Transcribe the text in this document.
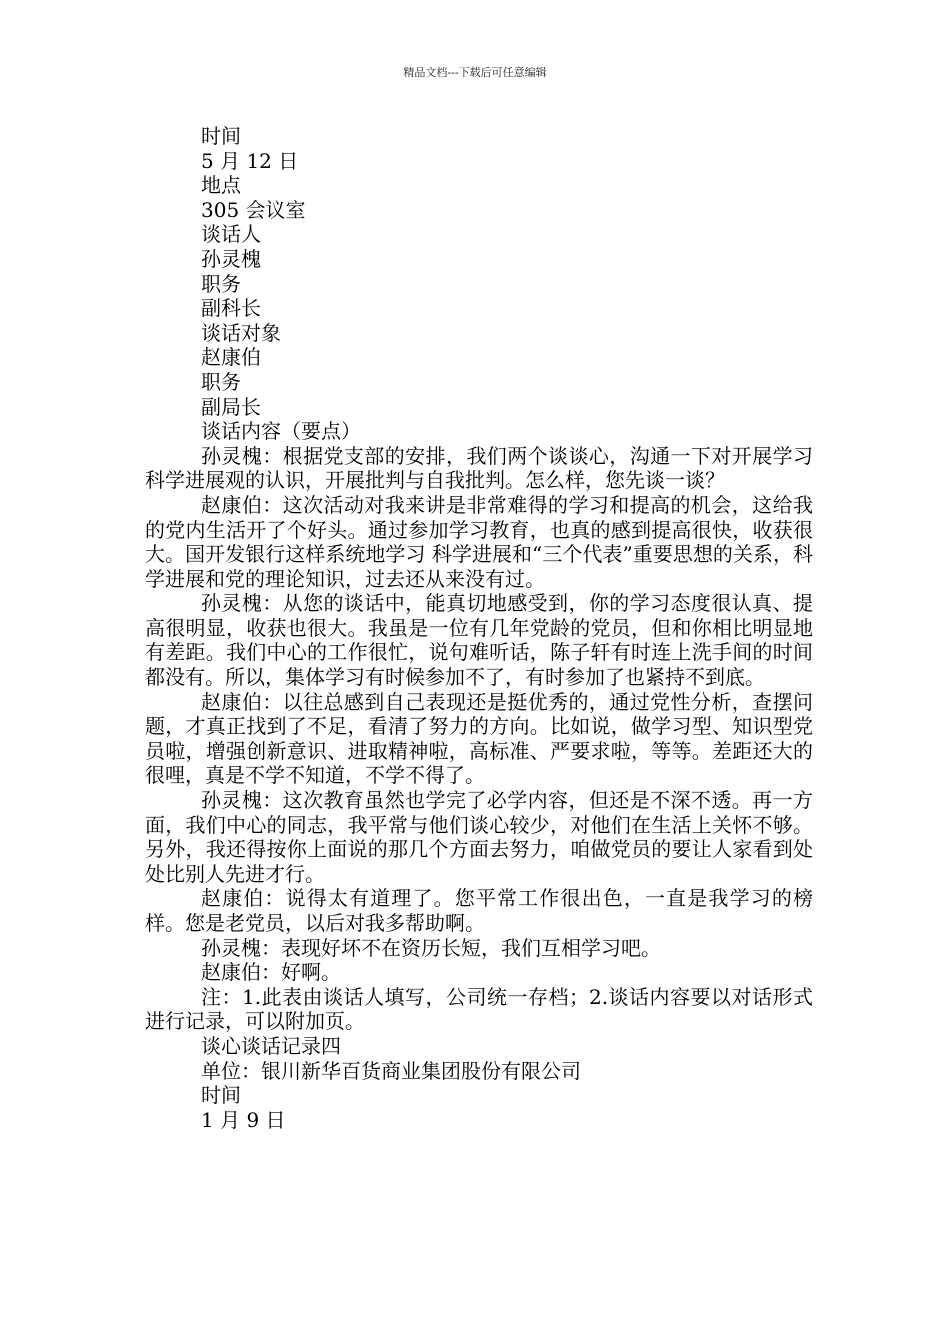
精品文档---下载后可任意编辑

时间

5 月 12 日

地点

305 会议室

谈话人

孙灵槐

职务

副科长

谈话对象

赵康伯

职务

副局长

谈话内容（要点）

孙灵槐：根据党支部的安排，我们两个谈谈心，沟通一下对开展学习科学进展观的认识，开展批判与自我批判。怎么样，您先谈一谈？

赵康伯：这次活动对我来讲是非常难得的学习和提高的机会，这给我的党内生活开了个好头。通过参加学习教育，也真的感到提高很快，收获很大。国开发银行这样系统地学习 科学进展和“三个代表”重要思想的关系，科学进展和党的理论知识，过去还从来没有过。

孙灵槐：从您的谈话中，能真切地感受到，你的学习态度很认真、提高很明显，收获也很大。我虽是一位有几年党龄的党员，但和你相比明显地有差距。我们中心的工作很忙，说句难听话，陈子轩有时连上洗手间的时间都没有。所以，集体学习有时候参加不了，有时参加了也紧持不到底。

赵康伯：以往总感到自己表现还是挺优秀的，通过党性分析，查摆问题，才真正找到了不足，看清了努力的方向。比如说，做学习型、知识型党员啦，增强创新意识、进取精神啦，高标准、严要求啦，等等。差距还大的很哩，真是不学不知道，不学不得了。

孙灵槐：这次教育虽然也学完了必学内容，但还是不深不透。再一方面，我们中心的同志，我平常与他们谈心较少，对他们在生活上关怀不够。另外，我还得按你上面说的那几个方面去努力，咱做党员的要让人家看到处处比别人先进才行。

赵康伯：说得太有道理了。您平常工作很出色，一直是我学习的榜样。您是老党员，以后对我多帮助啊。

孙灵槐：表现好坏不在资历长短，我们互相学习吧。

赵康伯：好啊。

注：1.此表由谈话人填写，公司统一存档；2.谈话内容要以对话形式进行记录，可以附加页。

谈心谈话记录四

单位：银川新华百货商业集团股份有限公司

时间

1 月 9 日
